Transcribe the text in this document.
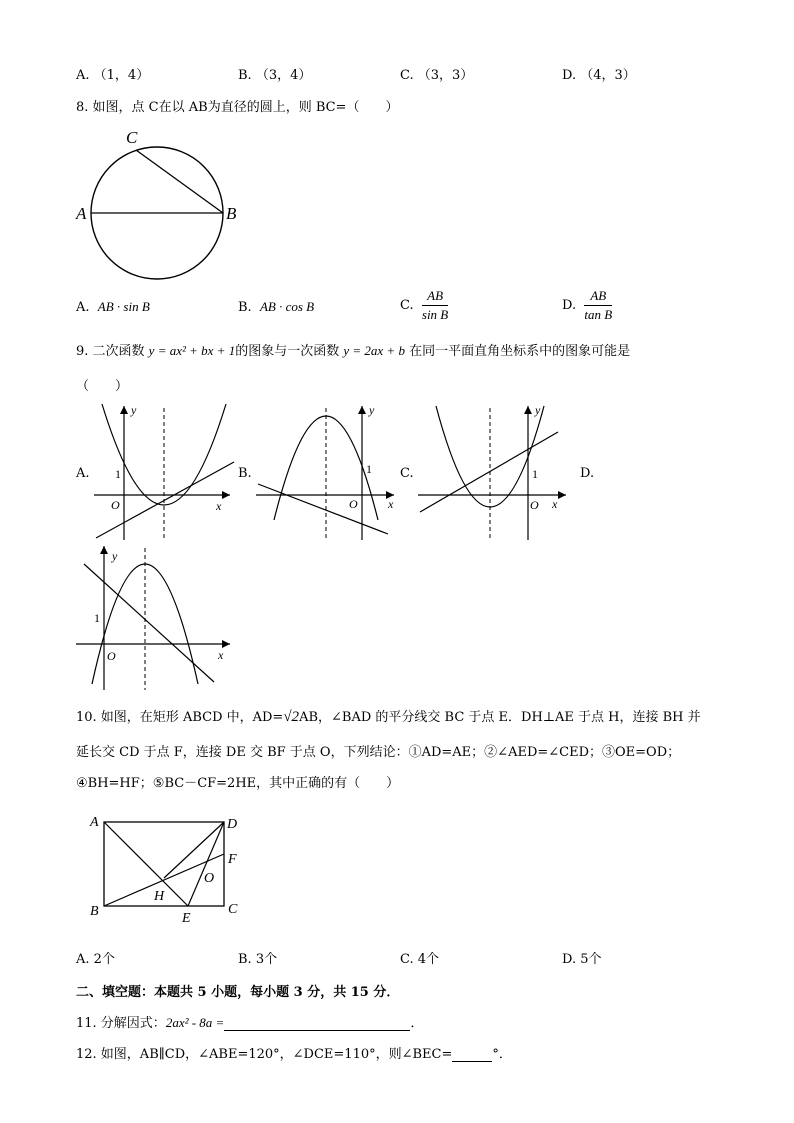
A. （1，4）	B. （3，4）	C. （3，3）	D. （4，3）
8. 如图，点 C在以 AB为直径的圆上，则 BC=（　　）
A	B
C
A. AB · sin B	B. AB · cos B	C. $\frac{AB}{\text{sin B}}$	D. $\frac{AB}{\text{tan B}}$
9. 二次函数 y = ax² + bx + 1的图象与一次函数 y = 2ax + b 在同一平面直角坐标系中的图象可能是
（　　）
A.
y
x
O
1	B.
y
x
O
1 C.
y
x
O
1	D.
y
x
O
1
10. 如图，在矩形 ABCD 中，AD=√2AB，∠BAD 的平分线交 BC 于点 E．DH⊥AE 于点 H，连接 BH 并
延长交 CD 于点 F，连接 DE 交 BF 于点 O，下列结论：①AD=AE；②∠AED=∠CED；③OE=OD；
④BH=HF；⑤BC－CF=2HE，其中正确的有（　　）
A	D
F
O
H
B	E
C
A. 2个	B. 3个	C. 4个	D. 5个
二、填空题：本题共 5 小题，每小题 3 分，共 15 分．
11. 分解因式：2ax² - 8a =	．
12. 如图，AB∥CD，∠ABE=120°，∠DCE=110°，则∠BEC=	°．
